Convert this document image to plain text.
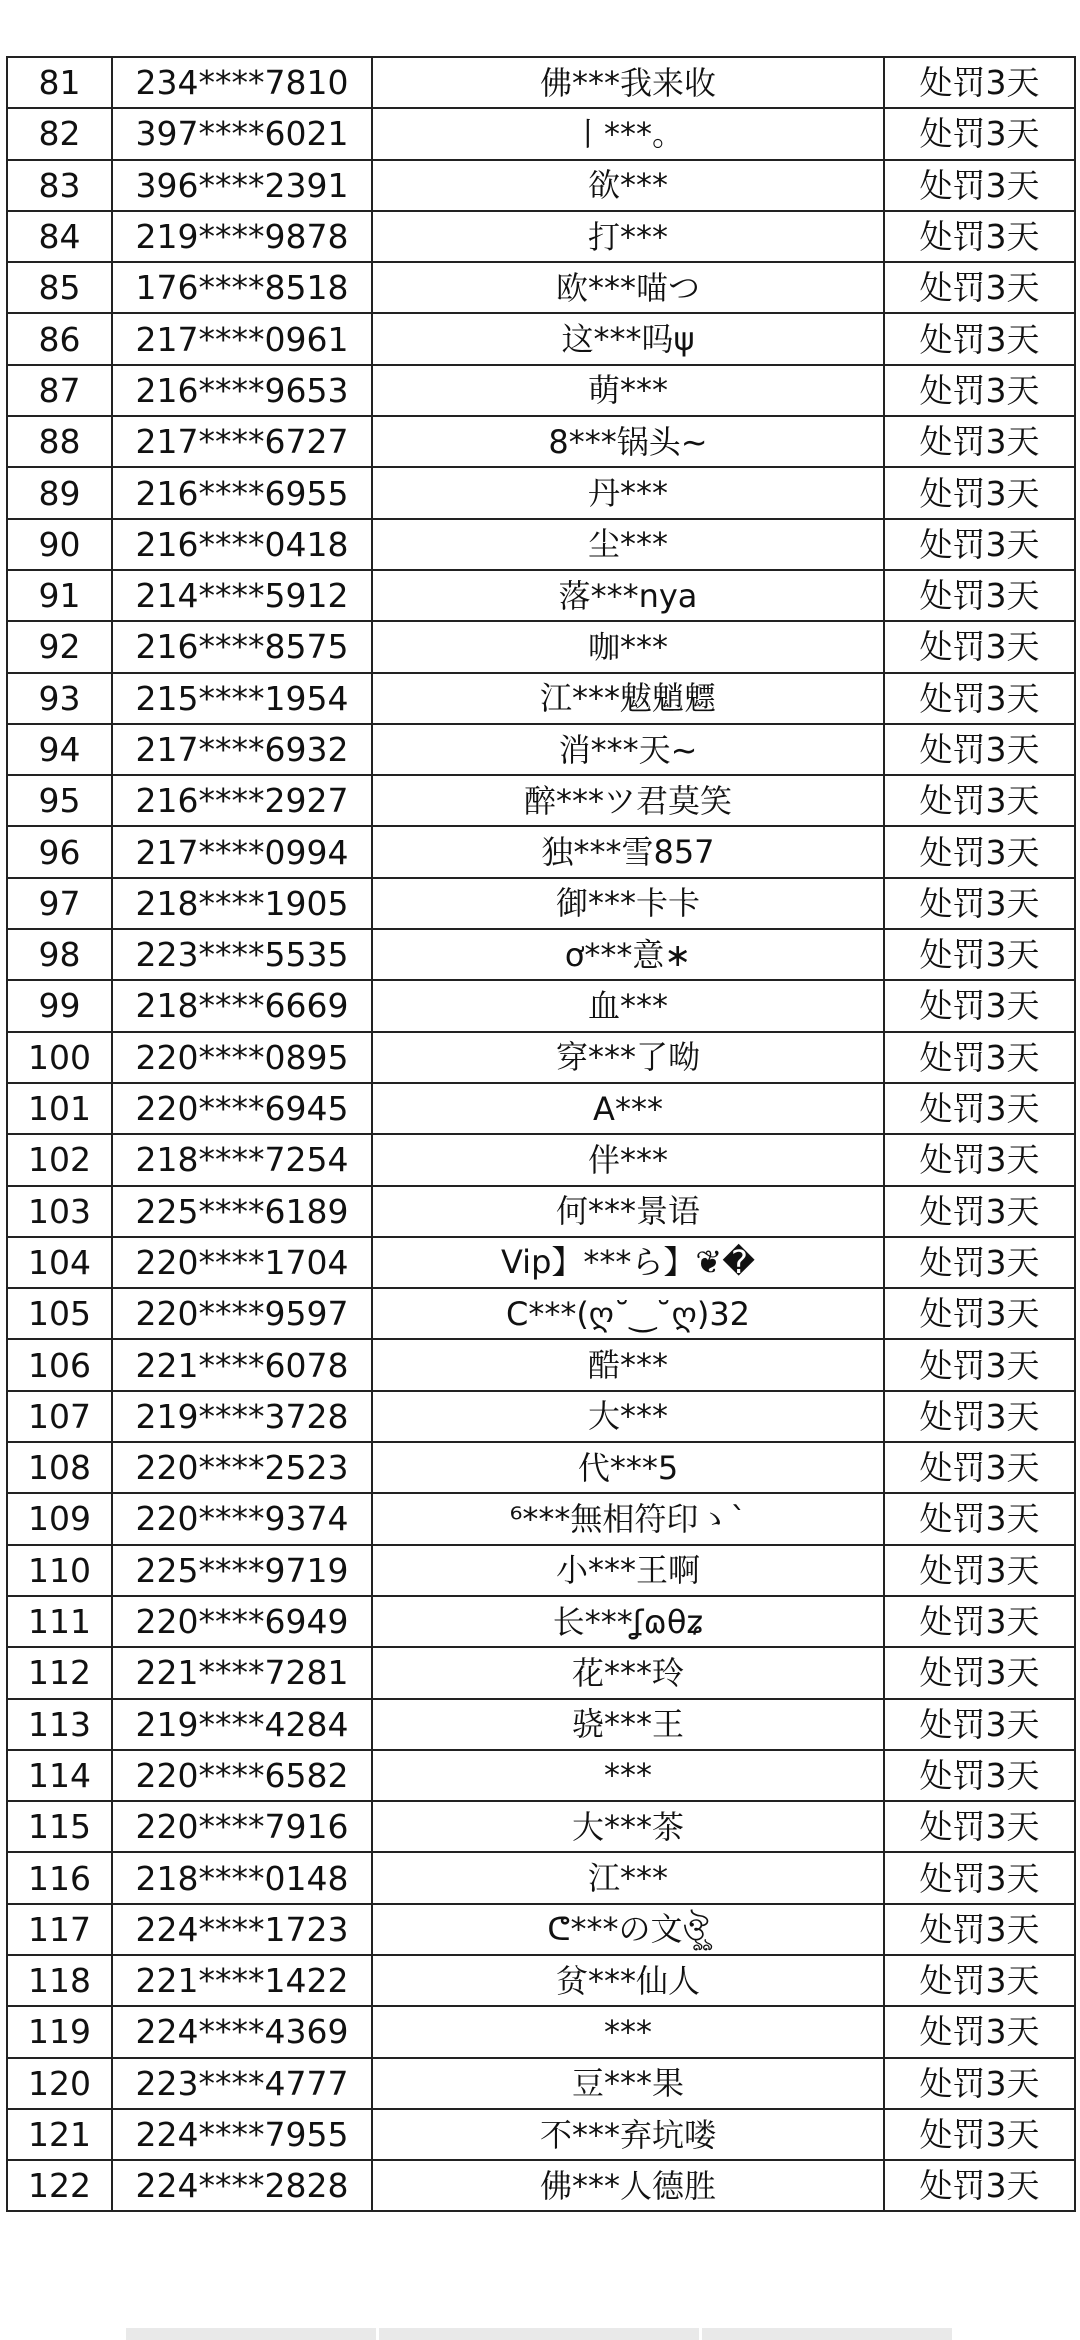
81	234****7810	佛***我来收	处罚3天
82	397****6021	丨***。	处罚3天
83	396****2391	欲***	处罚3天
84	219****9878	打***	处罚3天
85	176****8518	欧***喵つ	处罚3天
86	217****0961	这***吗ψ	处罚3天
87	216****9653	萌***	处罚3天
88	217****6727	8***锅头~	处罚3天
89	216****6955	丹***	处罚3天
90	216****0418	尘***	处罚3天
91	214****5912	落***nya	处罚3天
92	216****8575	咖***	处罚3天
93	215****1954	江***魃魈魒	处罚3天
94	217****6932	消***天~	处罚3天
95	216****2927	醉***ツ君莫笑	处罚3天
96	217****0994	独***雪857	处罚3天
97	218****1905	御***卡卡	处罚3天
98	223****5535	ơ***意∗	处罚3天
99	218****6669	血***	处罚3天
100	220****0895	穿***了呦	处罚3天
101	220****6945	A***	处罚3天
102	218****7254	伴***	处罚3天
103	225****6189	何***景语	处罚3天
104	220****1704	Vip】***ら】❦�	处罚3天
105	220****9597	C***(ღ˘‿˘ღ)32	处罚3天
106	221****6078	酷***	处罚3天
107	219****3728	大***	处罚3天
108	220****2523	代***5	处罚3天
109	220****9374	⁶***無相符印ゝ`	处罚3天
110	225****9719	小***王啊	处罚3天
111	220****6949	长***ʆɷθʑ	处罚3天
112	221****7281	花***玲	处罚3天
113	219****4284	骁***王	处罚3天
114	220****6582	***	处罚3天
115	220****7916	大***茶	处罚3天
116	218****0148	江***	处罚3天
117	224****1723	ᕦ***の文ঔৣ	处罚3天
118	221****1422	贫***仙人	处罚3天
119	224****4369	***	处罚3天
120	223****4777	豆***果	处罚3天
121	224****7955	不***弃坑喽	处罚3天
122	224****2828	佛***人德胜	处罚3天
